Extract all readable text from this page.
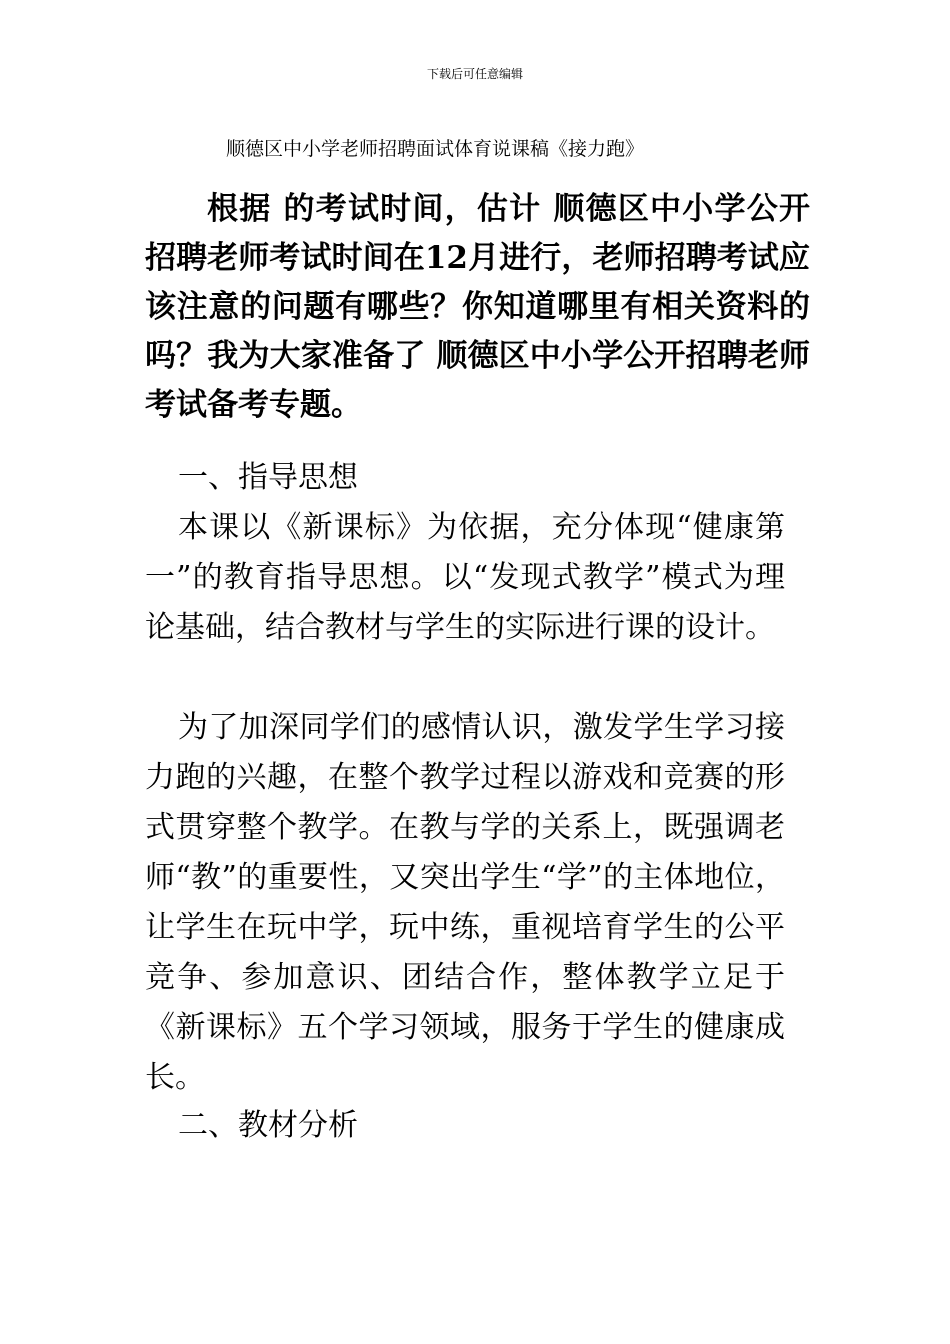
下载后可任意编辑
顺德区中小学老师招聘面试体育说课稿《接力跑》

根据 的考试时间，估计 顺德区中小学公开招聘老师考试时间在12月进行，老师招聘考试应该注意的问题有哪些？你知道哪里有相关资料的吗？我为大家准备了 顺德区中小学公开招聘老师考试备考专题。

一、指导思想

本课以《新课标》为依据，充分体现“健康第一”的教育指导思想。以“发现式教学”模式为理论基础，结合教材与学生的实际进行课的设计。

为了加深同学们的感情认识，激发学生学习接力跑的兴趣，在整个教学过程以游戏和竞赛的形式贯穿整个教学。在教与学的关系上，既强调老师“教”的重要性，又突出学生“学”的主体地位，让学生在玩中学，玩中练，重视培育学生的公平竞争、参加意识、团结合作，整体教学立足于《新课标》五个学习领域，服务于学生的健康成长。

二、教材分析
